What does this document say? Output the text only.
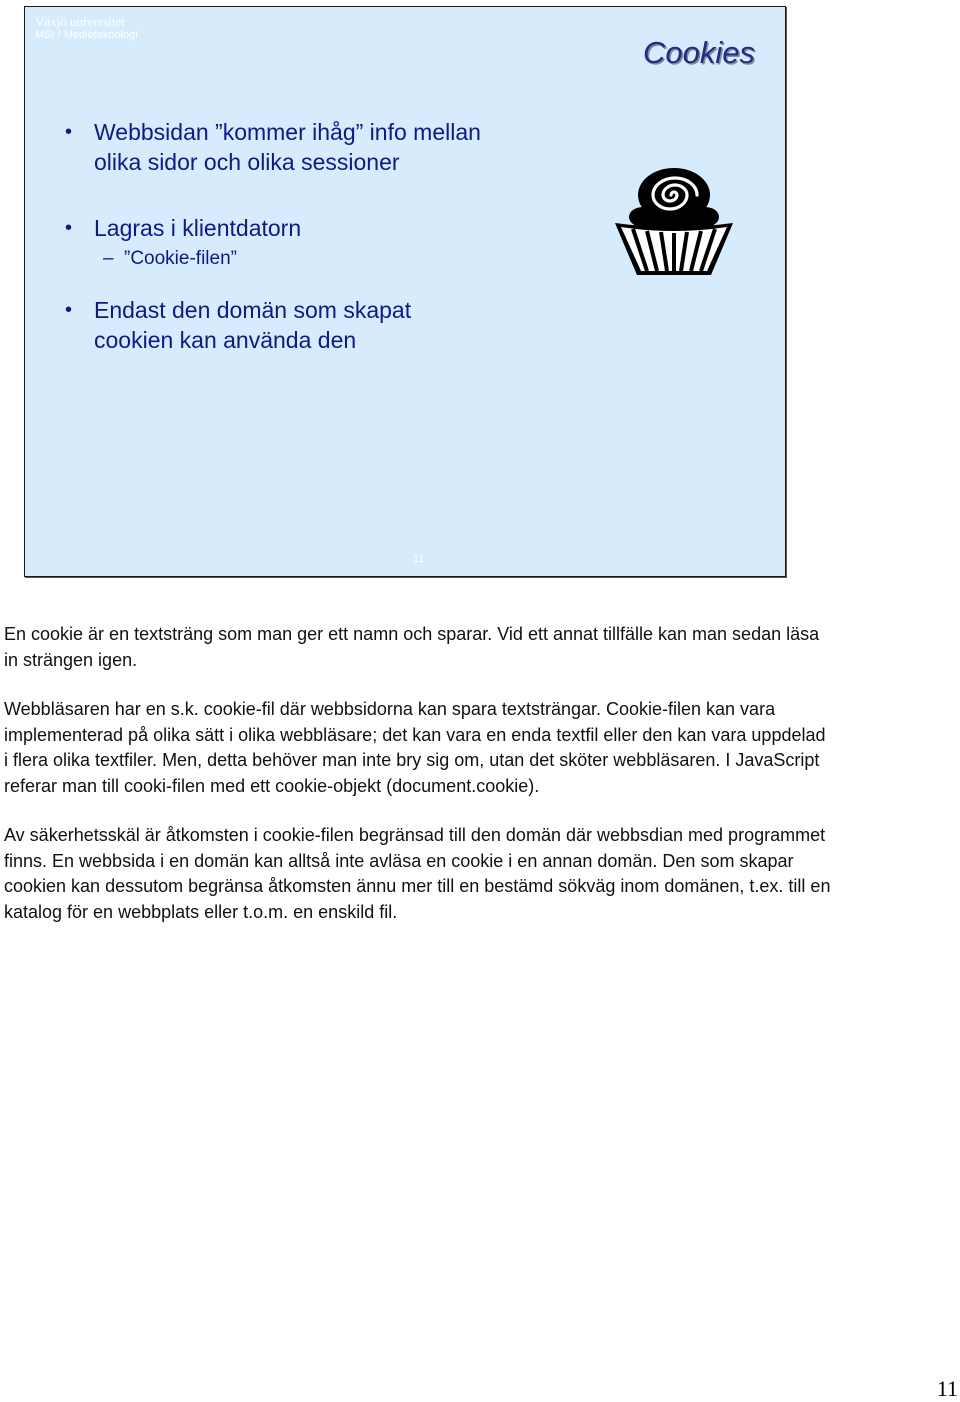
Växjö universitet
MSI / Medieteknologi	Cookies
• Webbsidan ”kommer ihåg” info mellan
olika sidor och olika sessioner
• Lagras i klientdatorn
– ”Cookie-filen”
• Endast den domän som skapat
cookien kan använda den
11

En cookie är en textsträng som man ger ett namn och sparar. Vid ett annat tillfälle kan man sedan läsa in strängen igen.

Webbläsaren har en s.k. cookie-fil där webbsidorna kan spara textsträngar. Cookie-filen kan vara implementerad på olika sätt i olika webbläsare; det kan vara en enda textfil eller den kan vara uppdelad i flera olika textfiler. Men, detta behöver man inte bry sig om, utan det sköter webbläsaren. I JavaScript referar man till cooki-filen med ett cookie-objekt (document.cookie).

Av säkerhetsskäl är åtkomsten i cookie-filen begränsad till den domän där webbsdian med programmet finns. En webbsida i en domän kan alltså inte avläsa en cookie i en annan domän. Den som skapar cookien kan dessutom begränsa åtkomsten ännu mer till en bestämd sökväg inom domänen, t.ex. till en katalog för en webbplats eller t.o.m. en enskild fil.

11
